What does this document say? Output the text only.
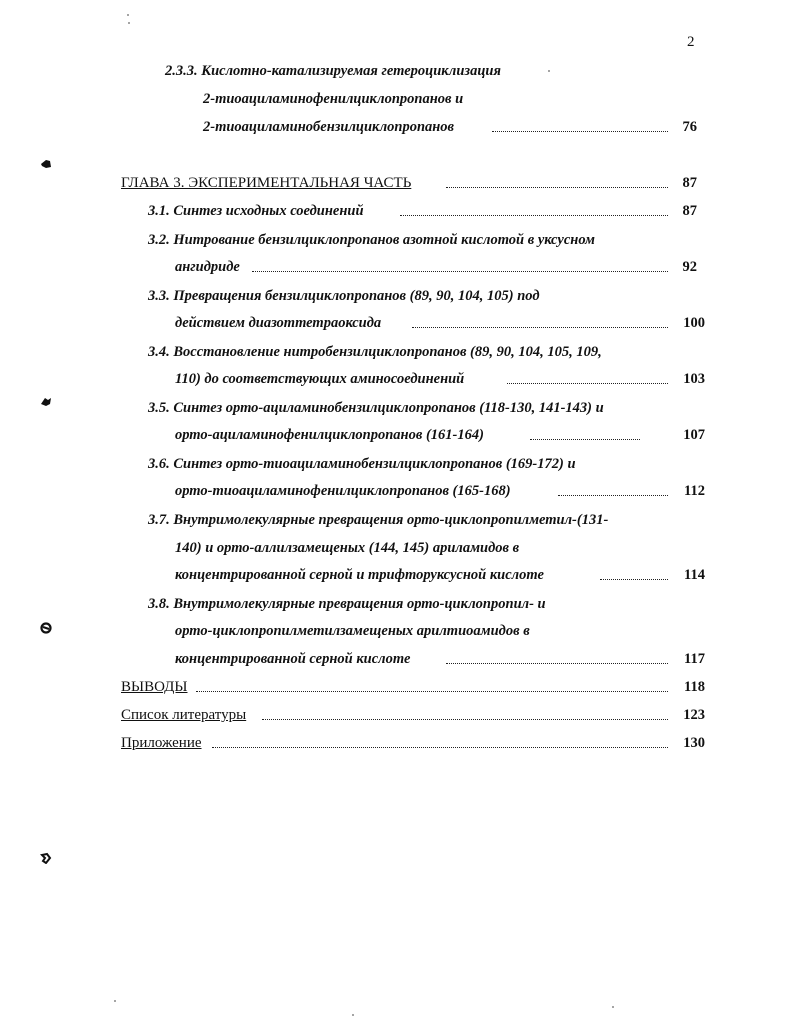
2
2.3.3. Кислотно-катализируемая гетероциклизация
2-тиоациламинофенилциклопропанов и
2-тиоациламинобензилциклопропанов	76
ГЛАВА 3. ЭКСПЕРИМЕНТАЛЬНАЯ ЧАСТЬ	87
3.1. Синтез исходных соединений	87
3.2. Нитрование бензилциклопропанов азотной кислотой в уксусном
ангидриде	92
3.3. Превращения бензилциклопропанов (89, 90, 104, 105) под
действием диазоттетраоксида	100
3.4. Восстановление нитробензилциклопропанов (89, 90, 104, 105, 109,
110) до соответствующих аминосоединений	103
3.5. Синтез орто-ациламинобензилциклопропанов (118-130, 141-143) и
орто-ациламинофенилциклопропанов (161-164)	107
3.6. Синтез орто-тиоациламинобензилциклопропанов (169-172) и
орто-тиоациламинофенилциклопропанов (165-168)	112
3.7. Внутримолекулярные превращения орто-циклопропилметил-(131-
140) и орто-аллилзамещеных (144, 145) ариламидов в
концентрированной серной и трифторуксусной кислоте	114
3.8. Внутримолекулярные превращения орто-циклопропил- и
орто-циклопропилметилзамещеных арилтиоамидов в
концентрированной серной кислоте	117
ВЫВОДЫ	118
Список литературы	123
Приложение	130
